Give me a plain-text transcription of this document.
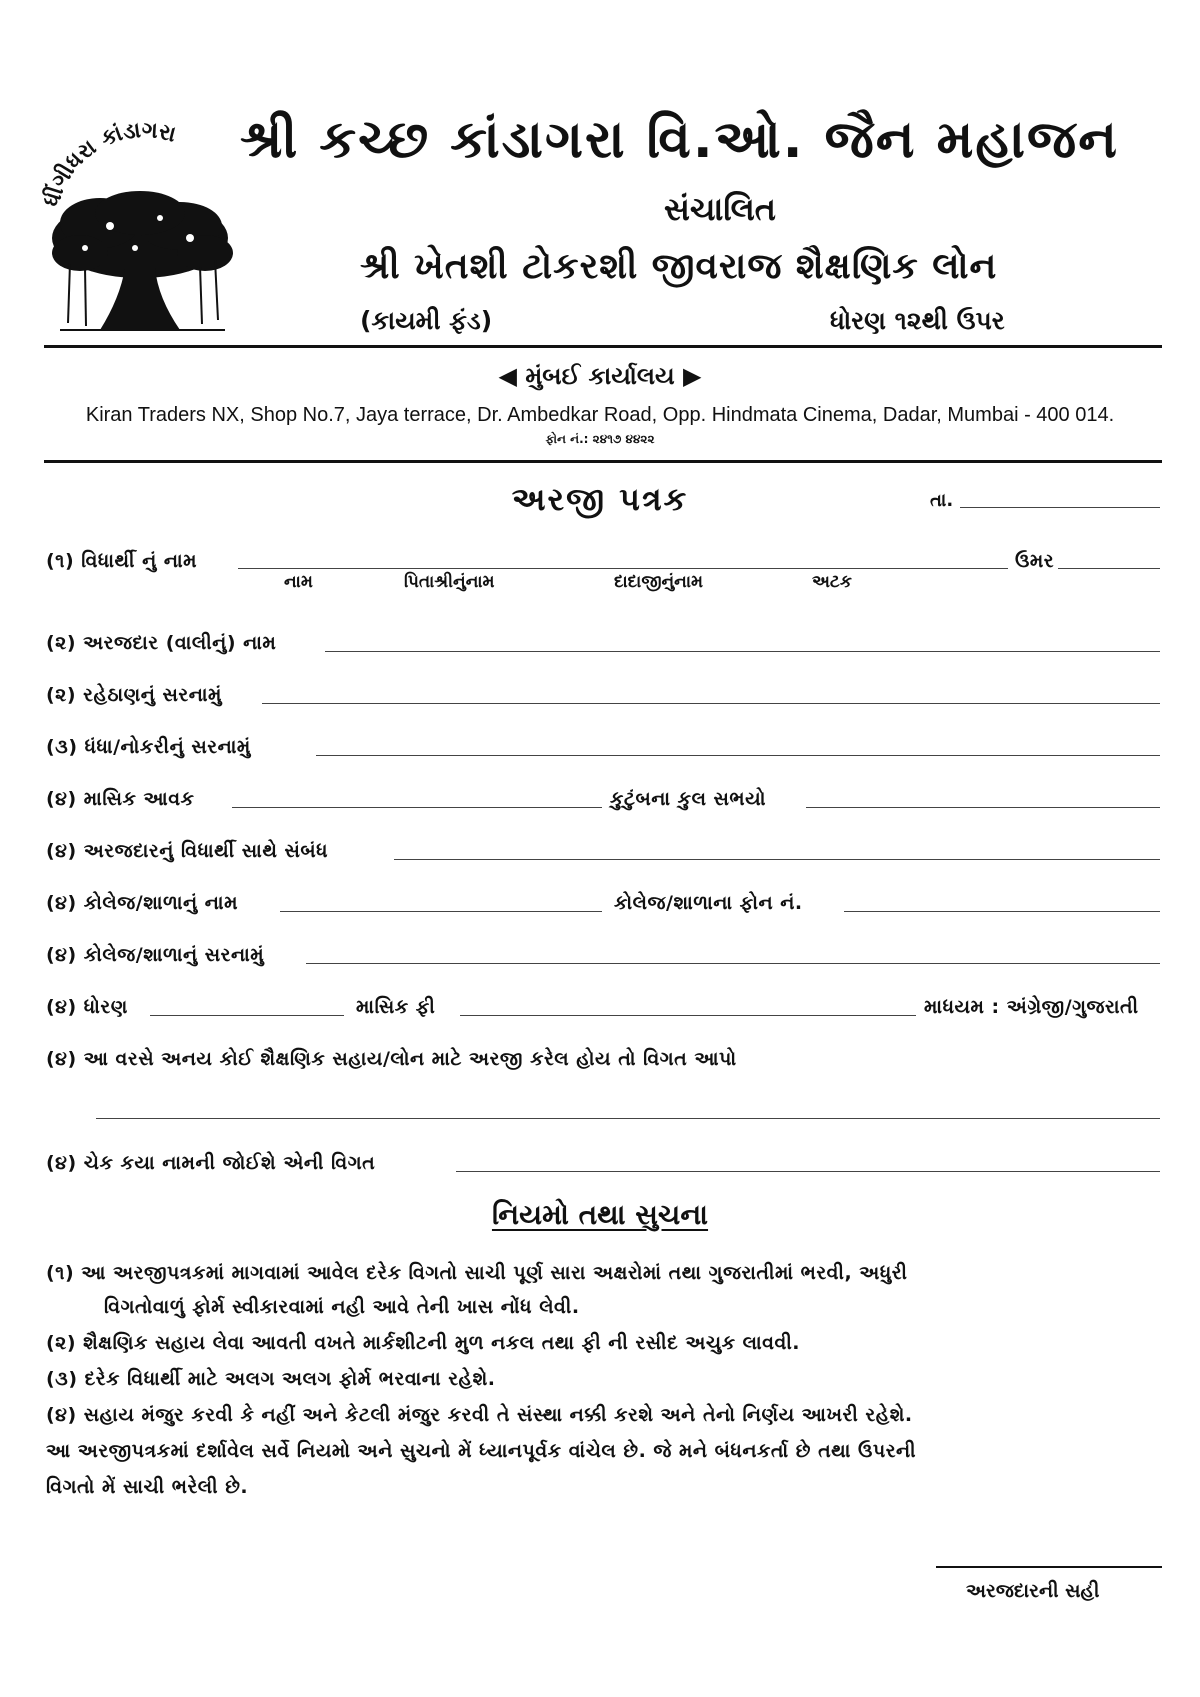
ધીંગીધરા કાંડાગરા શ્રી કચ્છ કાંડાગરા વિ.ઓ. જૈન મહાજન
સંચાલિત
શ્રી ખેતશી ટોકરશી જીવરાજ શૈક્ષણિક લોન
(કાયમી ફંડ)	ધોરણ ૧૨થી ઉપર
◀ મુંબઈ કાર્યાલય ▶
Kiran Traders NX, Shop No.7, Jaya terrace, Dr. Ambedkar Road, Opp. Hindmata Cinema, Dadar, Mumbai - 400 014.
ફોન નં.: ૨૪૧૭ ૪૪૨૨
અરજી પત્રક	તા.
(૧) વિધાર્થી નું નામ	ઉમર
નામ	પિતાશ્રીનુંનામ	દાદાજીનુંનામ	અટક
(૨) અરજદાર (વાલીનું) નામ
(૨) રહેઠાણનું સરનામું
(૩) ધંધા/નોકરીનું સરનામું
(૪) માસિક આવક	કુટુંબના કુલ સભયો
(૪) અરજદારનું વિધાર્થી સાથે સંબંધ
(૪) કોલેજ/શાળાનું નામ	કોલેજ/શાળાના ફોન નં.
(૪) કોલેજ/શાળાનું સરનામું
(૪) ધોરણ	માસિક ફી	માધયમ : અંગ્રેજી/ગુજરાતી
(૪) આ વરસે અનય કોઈ શૈક્ષણિક સહાય/લોન માટે અરજી કરેલ હોય તો વિગત આપો
(૪) ચેક કયા નામની જોઈશે એની વિગત
નિયમો તથા સુચના
(૧) આ અરજીપત્રકમાં માગવામાં આવેલ દરેક વિગતો સાચી પૂર્ણ સારા અક્ષરોમાં તથા ગુજરાતીમાં ભરવી, અધુરી
વિગતોવાળું ફોર્મ સ્વીકારવામાં નહી આવે તેની ખાસ નોંધ લેવી.
(૨) શૈક્ષણિક સહાય લેવા આવતી વખતે માર્કશીટની મુળ નકલ તથા ફી ની રસીદ અચુક લાવવી.
(૩) દરેક વિધાર્થી માટે અલગ અલગ ફોર્મ ભરવાના રહેશે.
(૪) સહાય મંજુર કરવી કે નહીં અને કેટલી મંજુર કરવી તે સંસ્થા નક્કી કરશે અને તેનો નિર્ણય આખરી રહેશે.
આ અરજીપત્રકમાં દર્શાવેલ સર્વે નિયમો અને સુચનો મેં ધ્યાનપૂર્વક વાંચેલ છે. જે મને બંધનકર્તા છે તથા ઉપરની
વિગતો મેં સાચી ભરેલી છે.
અરજદારની સહી
